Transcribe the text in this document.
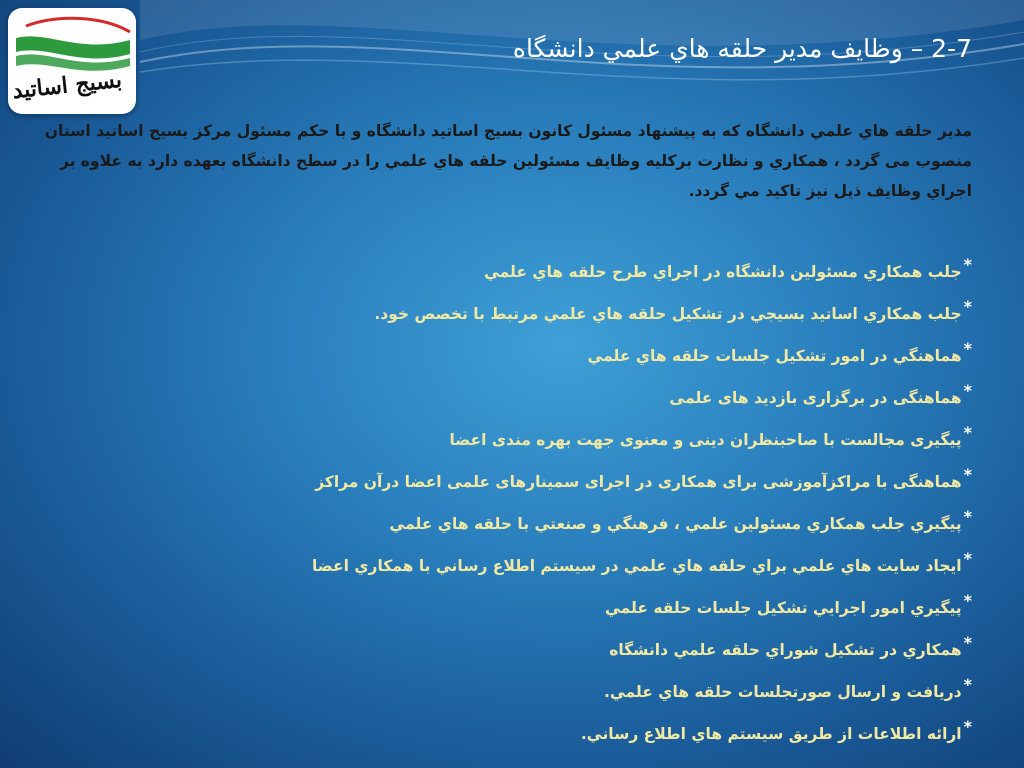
بسيج اساتيد
2-7 – وظايف مدير حلقه هاي علمي دانشگاه
مدير حلقه هاي علمي دانشگاه كه به پيشنهاد مسئول كانون بسيج اساتيد دانشگاه و با حكم مسئول مركز بسيج اساتيد استان منصوب مى گردد ، همكاري و نظارت بركليه وظايف مسئولين حلقه هاي علمي را در سطح دانشگاه بعهده دارد به علاوه بر اجراي وظايف ذيل نيز تاكيد مي گردد.
*جلب همكاري مسئولين دانشگاه در اجراي طرح حلقه هاي علمي
*جلب همكاري اساتيد بسيجي در تشكيل حلقه هاي علمي مرتبط با تخصص خود.
*هماهنگي در امور تشكيل جلسات حلقه هاي علمي
*هماهنگی در برگزاری بازديد های علمی
*پيگيری مجالست با صاحبنظران دينی و معنوی جهت بهره مندی اعضا
*هماهنگی با مراكزآموزشی برای همكاری در اجرای سمينارهای علمی اعضا درآن مراكز
*پيگيري جلب همكاري مسئولين علمي ، فرهنگي و صنعتي با حلقه هاي علمي
*ايجاد سايت هاي علمي براي حلقه هاي علمي در سيستم اطلاع رساني با همكاري اعضا
*پيگيري امور اجرايي تشكيل جلسات حلقه علمي
*همكاري در تشكيل شوراي حلقه علمي دانشگاه
*دريافت و ارسال صورتجلسات حلقه هاي علمي.
*ارائه اطلاعات از طريق سيستم هاي اطلاع رساني.
